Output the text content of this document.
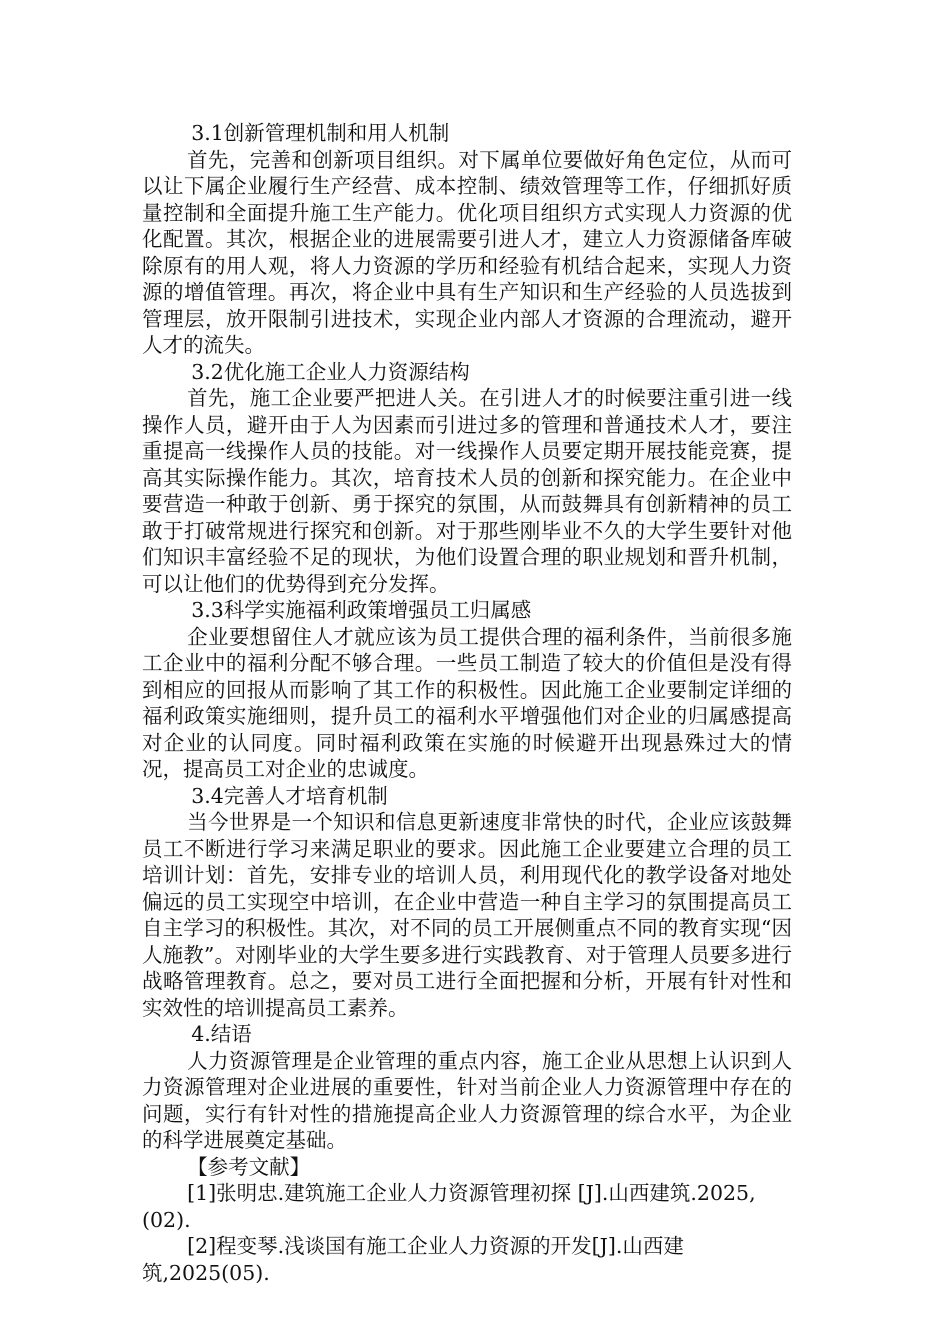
3.1创新管理机制和用人机制

首先，完善和创新项目组织。对下属单位要做好角色定位，从而可以让下属企业履行生产经营、成本控制、绩效管理等工作，仔细抓好质量控制和全面提升施工生产能力。优化项目组织方式实现人力资源的优化配置。其次，根据企业的进展需要引进人才，建立人力资源储备库破除原有的用人观，将人力资源的学历和经验有机结合起来，实现人力资源的增值管理。再次，将企业中具有生产知识和生产经验的人员选拔到管理层，放开限制引进技术，实现企业内部人才资源的合理流动，避开人才的流失。

3.2优化施工企业人力资源结构

首先，施工企业要严把进人关。在引进人才的时候要注重引进一线操作人员，避开由于人为因素而引进过多的管理和普通技术人才，要注重提高一线操作人员的技能。对一线操作人员要定期开展技能竞赛，提高其实际操作能力。其次，培育技术人员的创新和探究能力。在企业中要营造一种敢于创新、勇于探究的氛围，从而鼓舞具有创新精神的员工敢于打破常规进行探究和创新。对于那些刚毕业不久的大学生要针对他们知识丰富经验不足的现状，为他们设置合理的职业规划和晋升机制，可以让他们的优势得到充分发挥。

3.3科学实施福利政策增强员工归属感

企业要想留住人才就应该为员工提供合理的福利条件，当前很多施工企业中的福利分配不够合理。一些员工制造了较大的价值但是没有得到相应的回报从而影响了其工作的积极性。因此施工企业要制定详细的福利政策实施细则，提升员工的福利水平增强他们对企业的归属感提高对企业的认同度。同时福利政策在实施的时候避开出现悬殊过大的情况，提高员工对企业的忠诚度。

3.4完善人才培育机制

当今世界是一个知识和信息更新速度非常快的时代，企业应该鼓舞员工不断进行学习来满足职业的要求。因此施工企业要建立合理的员工培训计划：首先，安排专业的培训人员，利用现代化的教学设备对地处偏远的员工实现空中培训，在企业中营造一种自主学习的氛围提高员工自主学习的积极性。其次，对不同的员工开展侧重点不同的教育实现“因人施教”。对刚毕业的大学生要多进行实践教育、对于管理人员要多进行战略管理教育。总之，要对员工进行全面把握和分析，开展有针对性和实效性的培训提高员工素养。

4.结语

人力资源管理是企业管理的重点内容，施工企业从思想上认识到人力资源管理对企业进展的重要性，针对当前企业人力资源管理中存在的问题，实行有针对性的措施提高企业人力资源管理的综合水平，为企业的科学进展奠定基础。

【参考文献】

[1]张明忠.建筑施工企业人力资源管理初探 [J].山西建筑.2025,(02).

[2]程变琴.浅谈国有施工企业人力资源的开发[J].山西建筑,2025(05).
